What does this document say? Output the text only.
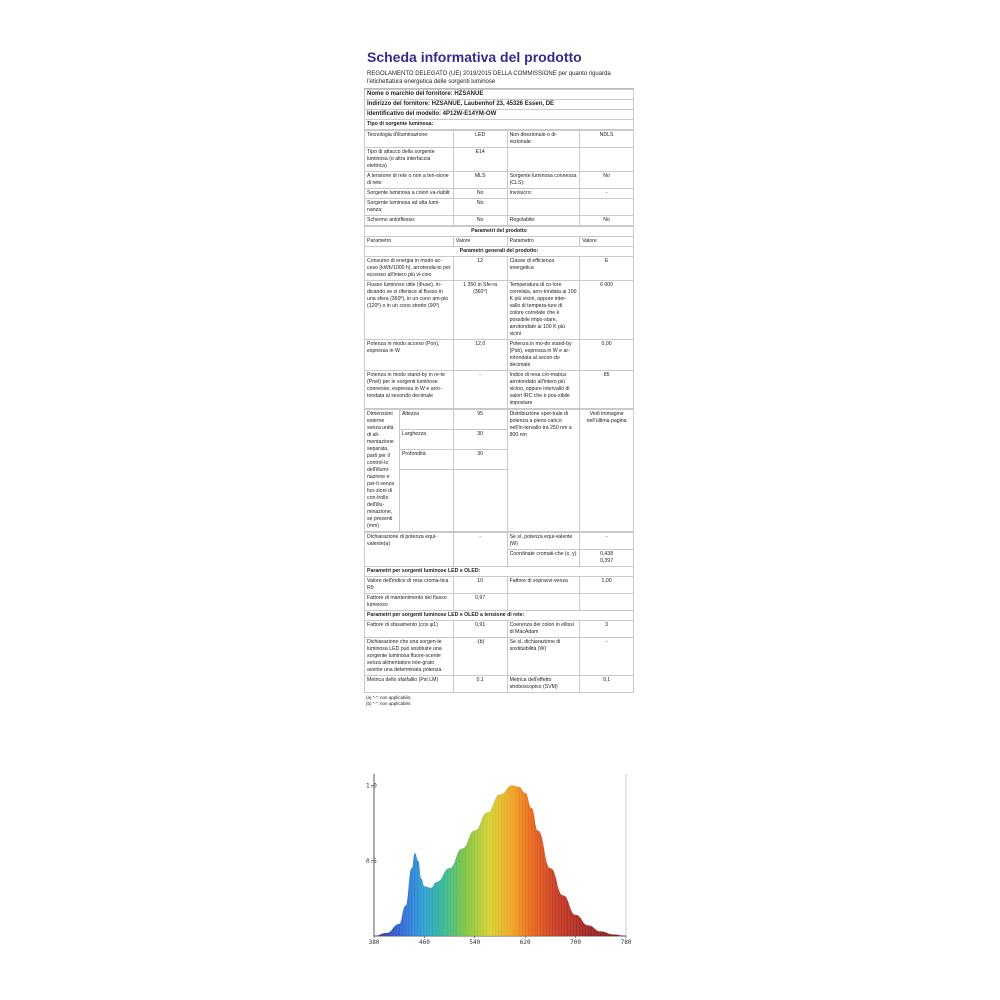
Scheda informativa del prodotto
REGOLAMENTO DELEGATO (UE) 2019/2015 DELLA COMMISSIONE per quanto riguarda l'etichettatura energetica delle sorgenti luminose
Nome o marchio del fornitore: HZSANUE
Indirizzo del fornitore: HZSANUE, Laubenhof 23, 45326 Essen, DE
Identificativo del modello: 4P12W-E14YM-OW
Tipo di sorgente luminosa:
Tecnologia d'illuminazione:	LED	Non direzionale o di-rezionale:	NDLS
Tipo di attacco della sorgente luminosa (o altra interfaccia elettrica)	E14		
A tensione di rete o non a ten-sione di rete:	MLS	Sorgente luminosa connessa (CLS):	No
Sorgente luminosa a colori va-riabili:	No	Involucro:	-
Sorgente luminosa ad alta lumi-nanza:	No		
Schermo antiriflesso:	No	Regolabile:	No
Parametri del prodotto			
Parametro	Valore	Parametro	Valore
Parametri generali del prodotto:			
Consumo di energia in modo ac-ceso (kWh/1000 h), arrotonda-to per eccesso all'intero più vi-cino	12	Classe di efficienza energetica	E
Flusso luminoso utile (Φuse), in-dicando se si riferisce al flusso in una sfera (360º), in un cono am-pio (120º) o in un cono stretto (90º)	1 350 in Sfe-ra (360°)	Temperatura di co-lore correlata, arro-tondata ai 100 K più vicini, oppure inter-vallo di tempera-ture di colore correlate che è possibile impo-stare, arrotondate ai 100 K più vicini	6 000
Potenza in modo acceso (Pon), espressa in W	12,0	Potenza in mo-do stand-by (Psb), espressa in W e ar-rotondata al secon-do decimale	0,00
Potenza in modo stand-by in re-te (Pnet) per le sorgenti luminose connesse, espressa in W e arro-tondata al secondo decimale	-	Indice di resa cro-matica arrotondato all'intero più vicino, oppure intervallo di valori IRC che è pos-sibile impostare	85
Dimensioni esterne senza unità di ali-mentazione separata, parti per il control-lo dell'illumi-nazione e par-ti senza fun-zioni di con-trollo dell'illu-minazione, se presenti (mm)	Altezza	95	Distribuzione spet-trale di potenza a pieno carico nell'in-tervallo tra 250 nm a 800 nm	Vedi immagine nell'ultima pagina
	Larghezza	30		
	Profondità	30		

Dichiarazione di potenza equi-valente(a)	-	Se sì, potenza equi-valente (W)	-
		Coordinate cromati-che (x, y)	0,438
0,397
Parametri per sorgenti luminose LED e OLED:			
Valore dell'indice di resa croma-tica R9	10	Fattore di sopravvi-venza	1,00
Fattore di mantenimento del flusso luminoso	0,97		
Parametri per sorgenti luminose LED e OLED a tensione di rete:			
Fattore di sfasamento (cos φ1)	0,91	Coerenza dei colori in ellissi di MacAdam	3
Dichiarazione che una sorgen-te luminosa LED può sostituire una sorgente luminosa fluore-scente senza alimentatore inte-grato avente una determinata potenza	-(b)	Se sì, dichiarazione di sostituibilità (W)	-
Metrica dello sfarfallio (Pst LM)	0,1	Metrica dell'effetto stroboscopico (SVM)	0,1
(a) "-": non applicabile;
(b) "-": non applicabile;
1.0
0.5
380	460	540	620	700	780
